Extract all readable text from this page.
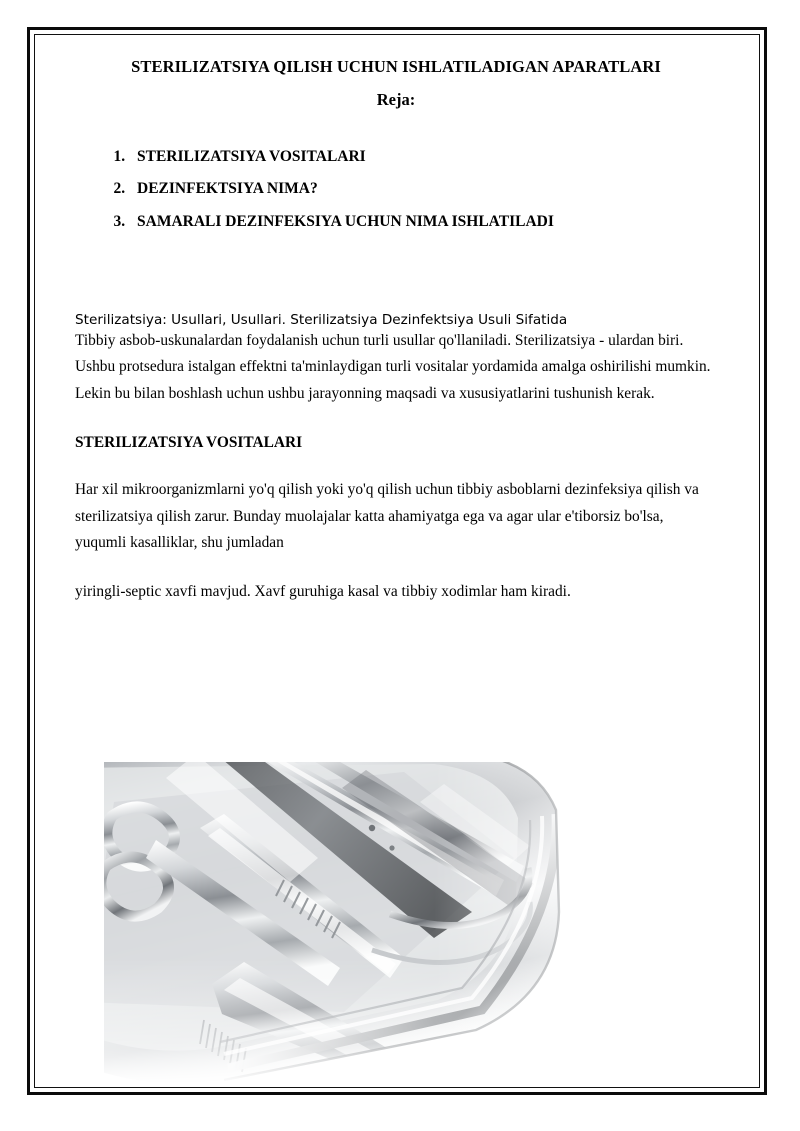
STERILIZATSIYA QILISH UCHUN ISHLATILADIGAN APARATLARI
Reja:
1. STERILIZATSIYA VOSITALARI
2. DEZINFEKTSIYA NIMA?
3. SAMARALI DEZINFEKSIYA UCHUN NIMA ISHLATILADI
Sterilizatsiya: Usullari, Usullari. Sterilizatsiya Dezinfektsiya Usuli Sifatida

Tibbiy asbob-uskunalardan foydalanish uchun turli usullar qo'llaniladi. Sterilizatsiya - ulardan biri. Ushbu protsedura istalgan effektni ta'minlaydigan turli vositalar yordamida amalga oshirilishi mumkin. Lekin bu bilan boshlash uchun ushbu jarayonning maqsadi va xususiyatlarini tushunish kerak.

STERILIZATSIYA VOSITALARI

Har xil mikroorganizmlarni yo'q qilish yoki yo'q qilish uchun tibbiy asboblarni dezinfeksiya qilish va sterilizatsiya qilish zarur. Bunday muolajalar katta ahamiyatga ega va agar ular e'tiborsiz bo'lsa, yuqumli kasalliklar, shu jumladan

yiringli-septic xavfi mavjud. Xavf guruhiga kasal va tibbiy xodimlar ham kiradi.
